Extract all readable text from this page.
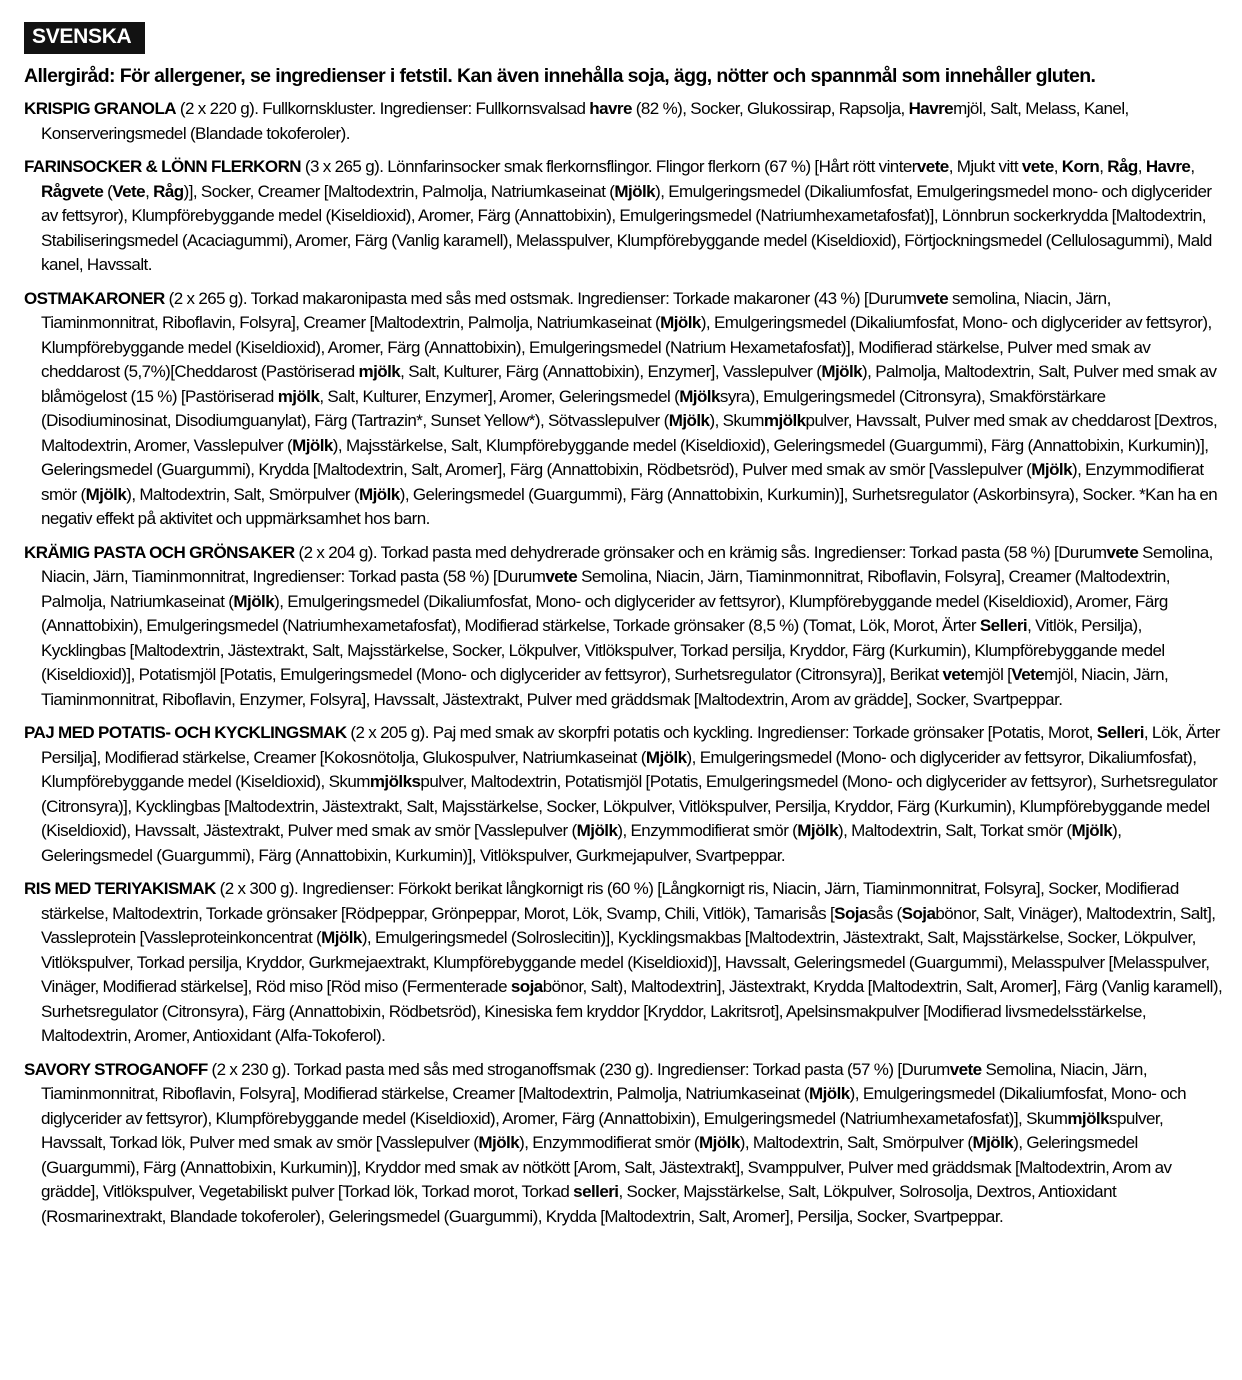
SVENSKA
Allergiråd: För allergener, se ingredienser i fetstil. Kan även innehålla soja, ägg, nötter och spannmål som innehåller gluten.

KRISPIG GRANOLA (2 x 220 g). Fullkornskluster. Ingredienser: Fullkornsvalsad havre (82 %), Socker, Glukossirap, Rapsolja, Havremjöl, Salt, Melass, Kanel, Konserveringsmedel (Blandade tokoferoler).

FARINSOCKER & LÖNN FLERKORN (3 x 265 g). Lönnfarinsocker smak flerkornsflingor. Flingor flerkorn (67 %) [Hårt rött vintervete, Mjukt vitt vete, Korn, Råg, Havre, Rågvete (Vete, Råg)], Socker, Creamer [Maltodextrin, Palmolja, Natriumkaseinat (Mjölk), Emulgeringsmedel (Dikaliumfosfat, Emulgeringsmedel mono- och diglycerider av fettsyror), Klumpförebyggande medel (Kiseldioxid), Aromer, Färg (Annattobixin), Emulgeringsmedel (Natriumhexametafosfat)], Lönnbrun sockerkrydda [Maltodextrin, Stabiliseringsmedel (Acaciagummi), Aromer, Färg (Vanlig karamell), Melasspulver, Klumpförebyggande medel (Kiseldioxid), Förtjockningsmedel (Cellulosagummi), Mald kanel, Havssalt.

OSTMAKARONER (2 x 265 g). Torkad makaronipasta med sås med ostsmak. Ingredienser: Torkade makaroner (43 %) [Durumvete semolina, Niacin, Järn, Tiaminmonnitrat, Riboflavin, Folsyra], Creamer [Maltodextrin, Palmolja, Natriumkaseinat (Mjölk), Emulgeringsmedel (Dikaliumfosfat, Mono- och diglycerider av fettsyror), Klumpförebyggande medel (Kiseldioxid), Aromer, Färg (Annattobixin), Emulgeringsmedel (Natrium Hexametafosfat)], Modifierad stärkelse, Pulver med smak av cheddarost (5,7%)[Cheddarost (Pastöriserad mjölk, Salt, Kulturer, Färg (Annattobixin), Enzymer], Vasslepulver (Mjölk), Palmolja, Maltodextrin, Salt, Pulver med smak av blåmögelost (15 %) [Pastöriserad mjölk, Salt, Kulturer, Enzymer], Aromer, Geleringsmedel (Mjölksyra), Emulgeringsmedel (Citronsyra), Smakförstärkare (Disodiuminosinat, Disodiumguanylat), Färg (Tartrazin*, Sunset Yellow*), Sötvasslepulver (Mjölk), Skummjölkpulver, Havssalt, Pulver med smak av cheddarost [Dextros, Maltodextrin, Aromer, Vasslepulver (Mjölk), Majsstärkelse, Salt, Klumpförebyggande medel (Kiseldioxid), Geleringsmedel (Guargummi), Färg (Annattobixin, Kurkumin)], Geleringsmedel (Guargummi), Krydda [Maltodextrin, Salt, Aromer], Färg (Annattobixin, Rödbetsröd), Pulver med smak av smör [Vasslepulver (Mjölk), Enzymmodifierat smör (Mjölk), Maltodextrin, Salt, Smörpulver (Mjölk), Geleringsmedel (Guargummi), Färg (Annattobixin, Kurkumin)], Surhetsregulator (Askorbinsyra), Socker. *Kan ha en negativ effekt på aktivitet och uppmärksamhet hos barn.

KRÄMIG PASTA OCH GRÖNSAKER (2 x 204 g). Torkad pasta med dehydrerade grönsaker och en krämig sås. Ingredienser: Torkad pasta (58 %) [Durumvete Semolina, Niacin, Järn, Tiaminmonnitrat, Ingredienser: Torkad pasta (58 %) [Durumvete Semolina, Niacin, Järn, Tiaminmonnitrat, Riboflavin, Folsyra], Creamer (Maltodextrin, Palmolja, Natriumkaseinat (Mjölk), Emulgeringsmedel (Dikaliumfosfat, Mono- och diglycerider av fettsyror), Klumpförebyggande medel (Kiseldioxid), Aromer, Färg (Annattobixin), Emulgeringsmedel (Natriumhexametafosfat), Modifierad stärkelse, Torkade grönsaker (8,5 %) (Tomat, Lök, Morot, Ärter Selleri, Vitlök, Persilja), Kycklingbas [Maltodextrin, Jästextrakt, Salt, Majsstärkelse, Socker, Lökpulver, Vitlökspulver, Torkad persilja, Kryddor, Färg (Kurkumin), Klumpförebyggande medel (Kiseldioxid)], Potatismjöl [Potatis, Emulgeringsmedel (Mono- och diglycerider av fettsyror), Surhetsregulator (Citronsyra)], Berikat vetemjöl [Vetemjöl, Niacin, Järn, Tiaminmonnitrat, Riboflavin, Enzymer, Folsyra], Havssalt, Jästextrakt, Pulver med gräddsmak [Maltodextrin, Arom av grädde], Socker, Svartpeppar.

PAJ MED POTATIS- OCH KYCKLINGSMAK (2 x 205 g). Paj med smak av skorpfri potatis och kyckling. Ingredienser: Torkade grönsaker [Potatis, Morot, Selleri, Lök, Ärter Persilja], Modifierad stärkelse, Creamer [Kokosnötolja, Glukospulver, Natriumkaseinat (Mjölk), Emulgeringsmedel (Mono- och diglycerider av fettsyror, Dikaliumfosfat), Klumpförebyggande medel (Kiseldioxid), Skummjölkspulver, Maltodextrin, Potatismjöl [Potatis, Emulgeringsmedel (Mono- och diglycerider av fettsyror), Surhetsregulator (Citronsyra)], Kycklingbas [Maltodextrin, Jästextrakt, Salt, Majsstärkelse, Socker, Lökpulver, Vitlökspulver, Persilja, Kryddor, Färg (Kurkumin), Klumpförebyggande medel (Kiseldioxid), Havssalt, Jästextrakt, Pulver med smak av smör [Vasslepulver (Mjölk), Enzymmodifierat smör (Mjölk), Maltodextrin, Salt, Torkat smör (Mjölk), Geleringsmedel (Guargummi), Färg (Annattobixin, Kurkumin)], Vitlökspulver, Gurkmejapulver, Svartpeppar.

RIS MED TERIYAKISMAK (2 x 300 g). Ingredienser: Förkokt berikat långkornigt ris (60 %) [Långkornigt ris, Niacin, Järn, Tiaminmonnitrat, Folsyra], Socker, Modifierad stärkelse, Maltodextrin, Torkade grönsaker [Rödpeppar, Grönpeppar, Morot, Lök, Svamp, Chili, Vitlök), Tamarisås [Sojasås (Sojabönor, Salt, Vinäger), Maltodextrin, Salt], Vassleprotein [Vassleproteinkoncentrat (Mjölk), Emulgeringsmedel (Solroslecitin)], Kycklingsmakbas [Maltodextrin, Jästextrakt, Salt, Majsstärkelse, Socker, Lökpulver, Vitlökspulver, Torkad persilja, Kryddor, Gurkmejaextrakt, Klumpförebyggande medel (Kiseldioxid)], Havssalt, Geleringsmedel (Guargummi), Melasspulver [Melasspulver, Vinäger, Modifierad stärkelse], Röd miso [Röd miso (Fermenterade sojabönor, Salt), Maltodextrin], Jästextrakt, Krydda [Maltodextrin, Salt, Aromer], Färg (Vanlig karamell), Surhetsregulator (Citronsyra), Färg (Annattobixin, Rödbetsröd), Kinesiska fem kryddor [Kryddor, Lakritsrot], Apelsinsmakpulver [Modifierad livsmedelsstärkelse, Maltodextrin, Aromer, Antioxidant (Alfa-Tokoferol).

SAVORY STROGANOFF (2 x 230 g). Torkad pasta med sås med stroganoffsmak (230 g). Ingredienser: Torkad pasta (57 %) [Durumvete Semolina, Niacin, Järn, Tiaminmonnitrat, Riboflavin, Folsyra], Modifierad stärkelse, Creamer [Maltodextrin, Palmolja, Natriumkaseinat (Mjölk), Emulgeringsmedel (Dikaliumfosfat, Mono- och diglycerider av fettsyror), Klumpförebyggande medel (Kiseldioxid), Aromer, Färg (Annattobixin), Emulgeringsmedel (Natriumhexametafosfat)], Skummjölkspulver, Havssalt, Torkad lök, Pulver med smak av smör [Vasslepulver (Mjölk), Enzymmodifierat smör (Mjölk), Maltodextrin, Salt, Smörpulver (Mjölk), Geleringsmedel (Guargummi), Färg (Annattobixin, Kurkumin)], Kryddor med smak av nötkött [Arom, Salt, Jästextrakt], Svamppulver, Pulver med gräddsmak [Maltodextrin, Arom av grädde], Vitlökspulver, Vegetabiliskt pulver [Torkad lök, Torkad morot, Torkad selleri, Socker, Majsstärkelse, Salt, Lökpulver, Solrosolja, Dextros, Antioxidant (Rosmarinextrakt, Blandade tokoferoler), Geleringsmedel (Guargummi), Krydda [Maltodextrin, Salt, Aromer], Persilja, Socker, Svartpeppar.
